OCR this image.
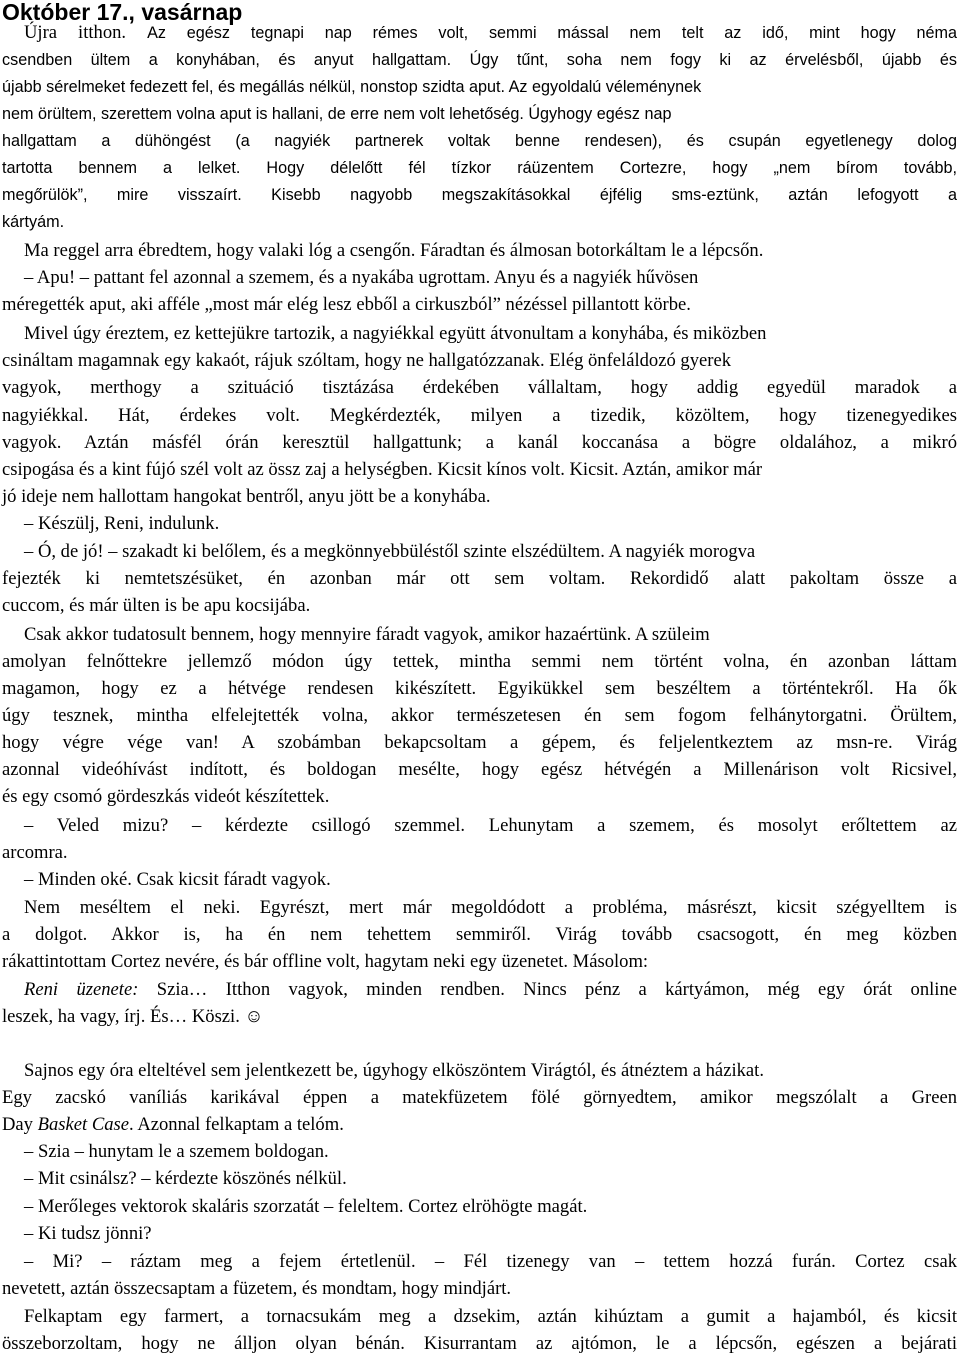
Október 17., vasárnap
Újra itthon. Az egész tegnapi nap rémes volt, semmi mással nem telt az idő, mint hogy néma
csendben ültem a konyhában, és anyut hallgattam. Úgy tűnt, soha nem fogy ki az érvelésből, újabb és
újabb sérelmeket fedezett fel, és megállás nélkül, nonstop szidta aput. Az egyoldalú véleménynek
nem örültem, szerettem volna aput is hallani, de erre nem volt lehetőség. Úgyhogy egész nap
hallgattam a dühöngést (a nagyiék partnerek voltak benne rendesen), és csupán egyetlenegy dolog
tartotta bennem a lelket. Hogy délelőtt fél tízkor ráüzentem Cortezre, hogy „nem bírom tovább,
megőrülök”, mire visszaírt. Kisebb nagyobb megszakításokkal éjfélig sms-eztünk, aztán lefogyott a
kártyám.
Ma reggel arra ébredtem, hogy valaki lóg a csengőn. Fáradtan és álmosan botorkáltam le a lépcsőn.
– Apu! – pattant fel azonnal a szemem, és a nyakába ugrottam. Anyu és a nagyiék hűvösen
méregették aput, aki afféle „most már elég lesz ebből a cirkuszból” nézéssel pillantott körbe.
Mivel úgy éreztem, ez kettejükre tartozik, a nagyiékkal együtt átvonultam a konyhába, és miközben
csináltam magamnak egy kakaót, rájuk szóltam, hogy ne hallgatózzanak. Elég önfeláldozó gyerek
vagyok, merthogy a szituáció tisztázása érdekében vállaltam, hogy addig egyedül maradok a
nagyiékkal. Hát, érdekes volt. Megkérdezték, milyen a tizedik, közöltem, hogy tizenegyedikes
vagyok. Aztán másfél órán keresztül hallgattunk; a kanál koccanása a bögre oldalához, a mikró
csipogása és a kint fújó szél volt az össz zaj a helységben. Kicsit kínos volt. Kicsit. Aztán, amikor már
jó ideje nem hallottam hangokat bentről, anyu jött be a konyhába.
– Készülj, Reni, indulunk.
– Ó, de jó! – szakadt ki belőlem, és a megkönnyebbüléstől szinte elszédültem. A nagyiék morogva
fejezték ki nemtetszésüket, én azonban már ott sem voltam. Rekordidő alatt pakoltam össze a
cuccom, és már ülten is be apu kocsijába.
Csak akkor tudatosult bennem, hogy mennyire fáradt vagyok, amikor hazaértünk. A szüleim
amolyan felnőttekre jellemző módon úgy tettek, mintha semmi nem történt volna, én azonban láttam
magamon, hogy ez a hétvége rendesen kikészített. Egyikükkel sem beszéltem a történtekről. Ha ők
úgy tesznek, mintha elfelejtették volna, akkor természetesen én sem fogom felhánytorgatni. Örültem,
hogy végre vége van! A szobámban bekapcsoltam a gépem, és feljelentkeztem az msn-re. Virág
azonnal videóhívást indított, és boldogan mesélte, hogy egész hétvégén a Millenárison volt Ricsivel,
és egy csomó gördeszkás videót készítettek.
– Veled mizu? – kérdezte csillogó szemmel. Lehunytam a szemem, és mosolyt erőltettem az
arcomra.
– Minden oké. Csak kicsit fáradt vagyok.
Nem meséltem el neki. Egyrészt, mert már megoldódott a probléma, másrészt, kicsit szégyelltem is
a dolgot. Akkor is, ha én nem tehettem semmiről. Virág tovább csacsogott, én meg közben
rákattintottam Cortez nevére, és bár offline volt, hagytam neki egy üzenetet. Másolom:
Reni üzenete: Szia… Itthon vagyok, minden rendben. Nincs pénz a kártyámon, még egy órát online
leszek, ha vagy, írj. És… Köszi. ☺
Sajnos egy óra elteltével sem jelentkezett be, úgyhogy elköszöntem Virágtól, és átnéztem a házikat.
Egy zacskó vaníliás karikával éppen a matekfüzetem fölé görnyedtem, amikor megszólalt a Green
Day Basket Case. Azonnal felkaptam a telóm.
– Szia – hunytam le a szemem boldogan.
– Mit csinálsz? – kérdezte köszönés nélkül.
– Merőleges vektorok skaláris szorzatát – feleltem. Cortez elröhögte magát.
– Ki tudsz jönni?
– Mi? – ráztam meg a fejem értetlenül. – Fél tizenegy van – tettem hozzá furán. Cortez csak
nevetett, aztán összecsaptam a füzetem, és mondtam, hogy mindjárt.
Felkaptam egy farmert, a tornacsukám meg a dzsekim, aztán kihúztam a gumit a hajamból, és kicsit
összeborzoltam, hogy ne álljon olyan bénán. Kisurrantam az ajtómon, le a lépcsőn, egészen a bejárati
